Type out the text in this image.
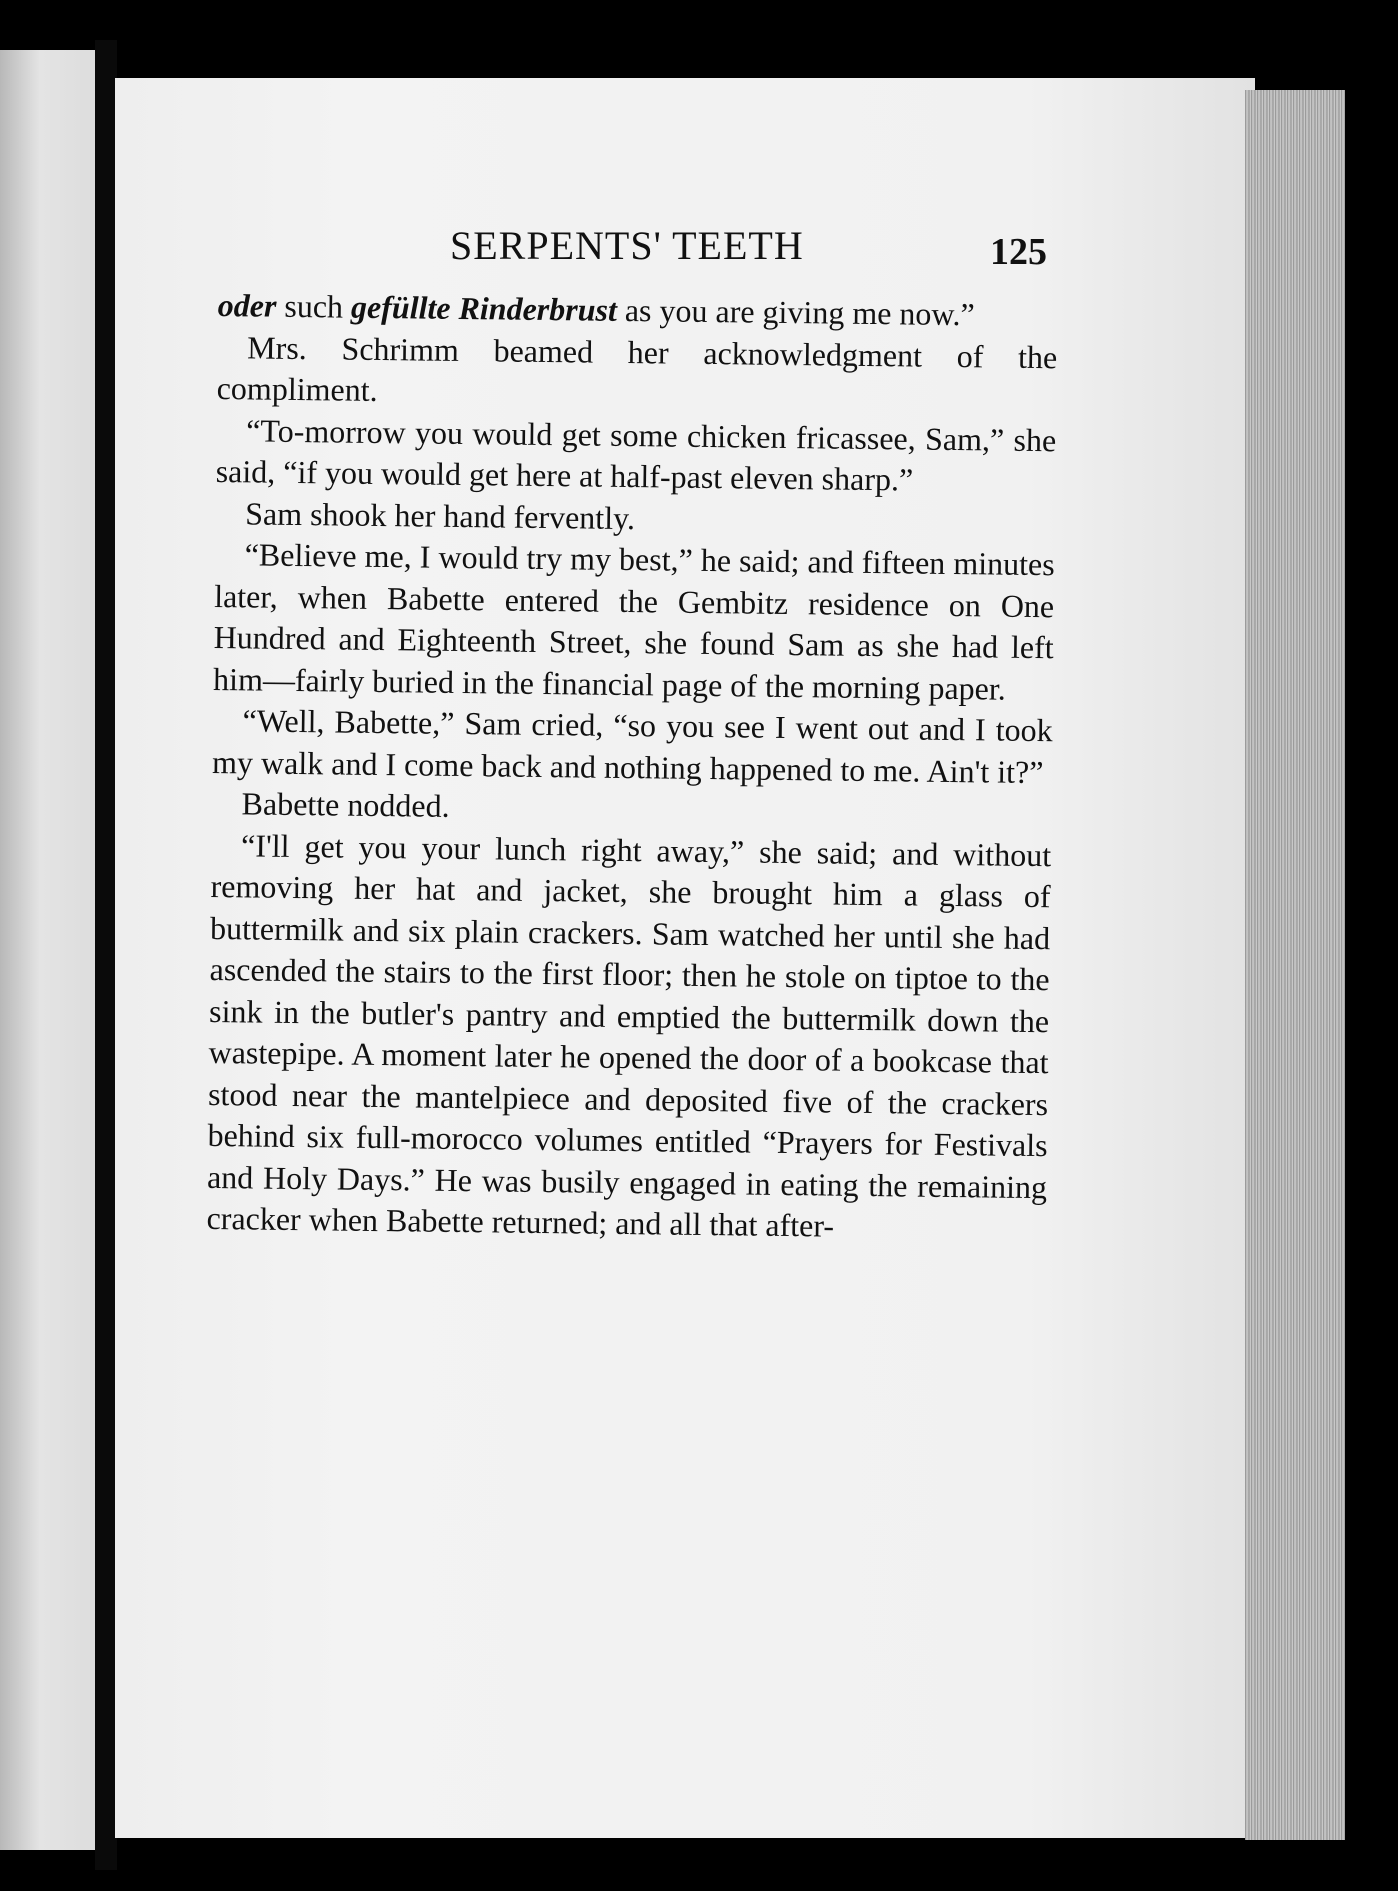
SERPENTS' TEETH	125

oder such gefüllte Rinderbrust as you are giving me now.”

Mrs. Schrimm beamed her acknowledgment of the compliment.

“To-morrow you would get some chicken fricassee, Sam,” she said, “if you would get here at half-past eleven sharp.”

Sam shook her hand fervently.

“Believe me, I would try my best,” he said; and fifteen minutes later, when Babette entered the Gembitz residence on One Hundred and Eighteenth Street, she found Sam as she had left him—fairly buried in the financial page of the morning paper.

“Well, Babette,” Sam cried, “so you see I went out and I took my walk and I come back and nothing happened to me. Ain't it?”

Babette nodded.

“I'll get you your lunch right away,” she said; and without removing her hat and jacket, she brought him a glass of buttermilk and six plain crackers. Sam watched her until she had ascended the stairs to the first floor; then he stole on tiptoe to the sink in the butler's pantry and emptied the buttermilk down the wastepipe. A moment later he opened the door of a bookcase that stood near the mantelpiece and deposited five of the crackers behind six full-morocco volumes entitled “Prayers for Festivals and Holy Days.” He was busily engaged in eating the remaining cracker when Babette returned; and all that after-
